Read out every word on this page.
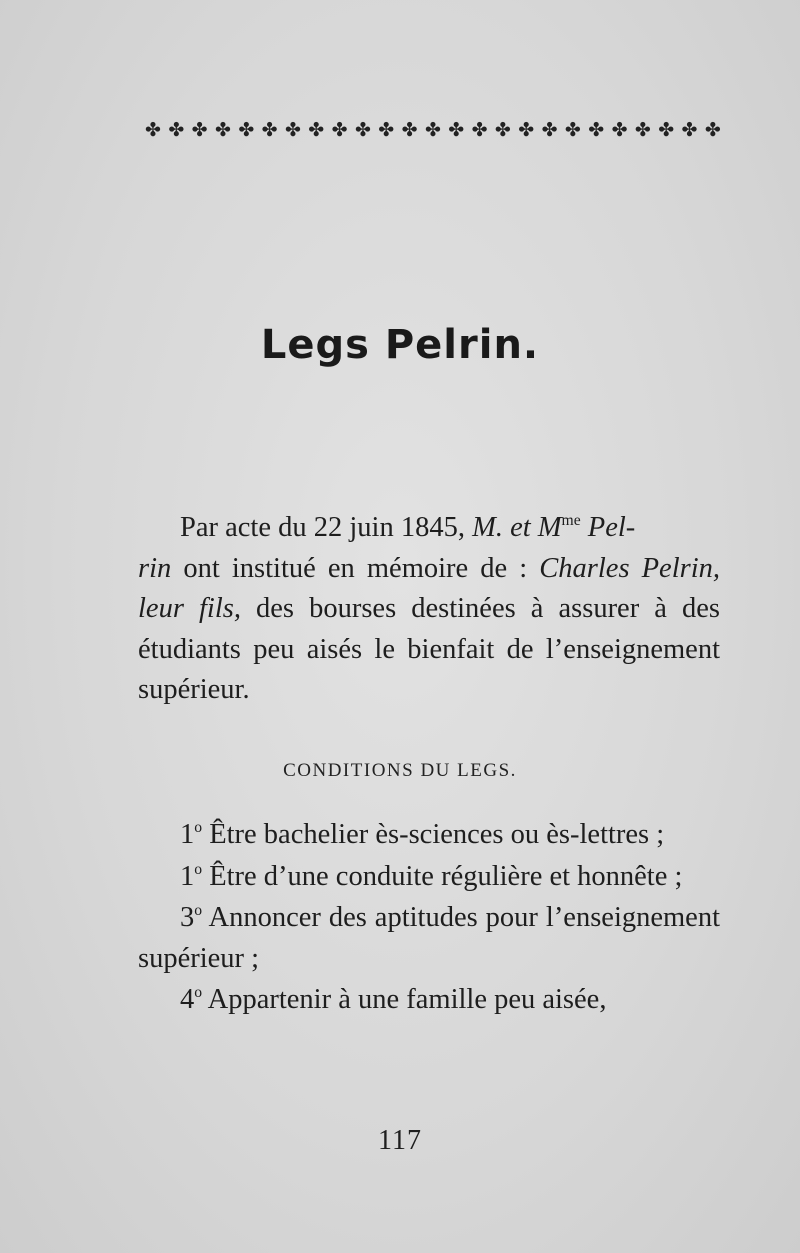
✤ ✤ ✤ ✤ ✤ ✤ ✤ ✤ ✤ ✤ ✤ ✤ ✤ ✤ ✤ ✤ ✤ ✤ ✤ ✤ ✤ ✤ ✤ ✤ ✤
Legs Pelrin.

Par acte du 22 juin 1845, M. et $M^{me}$ Pel-
rin ont institué en mémoire de : Charles Pelrin, leur fils, des bourses destinées à assurer à des étudiants peu aisés le bienfait de l’enseignement supérieur.

CONDITIONS DU LEGS.

1$^o$ Être bachelier ès-sciences ou ès-lettres ;

1$^o$ Être d’une conduite régulière et honnête ;

3$^o$ Annoncer des aptitudes pour l’enseignement supérieur ;

4$^o$ Appartenir à une famille peu aisée,

117
